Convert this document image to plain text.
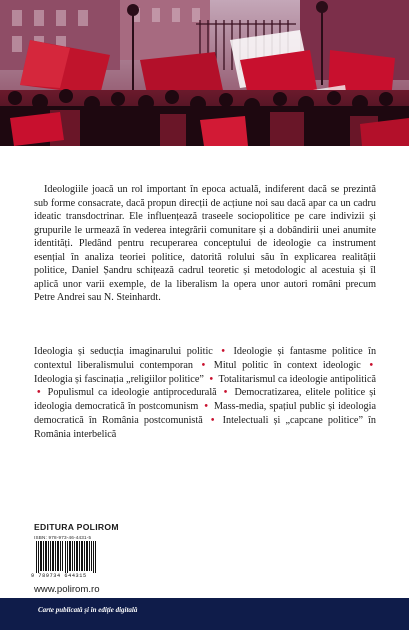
Ideologiile joacă un rol important în epoca actuală, indiferent dacă se prezintă sub forme consacrate, dacă propun direcții de acțiune noi sau dacă apar ca un cadru ideatic transdoctrinar. Ele influențează traseele sociopolitice pe care indivizii și grupurile le urmează în vederea integrării comunitare și a dobândirii unei anumite identități. Pledând pentru recuperarea conceptului de ideologie ca instrument esențial în analiza teoriei politice, datorită rolului său în explicarea realității politice, Daniel Șandru schițează cadrul teoretic și metodologic al acestuia și îl aplică unor varii exemple, de la liberalism la opera unor autori români precum Petre Andrei sau N. Steinhardt.

Ideologia și seducția imaginarului politic • Ideologie și fantasme politice în contextul liberalismului contemporan • Mitul politic în context ideologic • Ideologia și fascinația „religiilor politice” • Totalitarismul ca ideologie antipolitică • Populismul ca ideologie antiprocedurală • Democratizarea, elitele politice și ideologia democratică în postcomunism • Mass-media, spațiul public și ideologia democratică în România postcomunistă • Intelectuali și „capcane politice” în România interbelică

EDITURA POLIROM

ISBN: 978-973-46-4431-5

9 789734 644315

www.polirom.ro

Carte publicată și în ediție digitală
